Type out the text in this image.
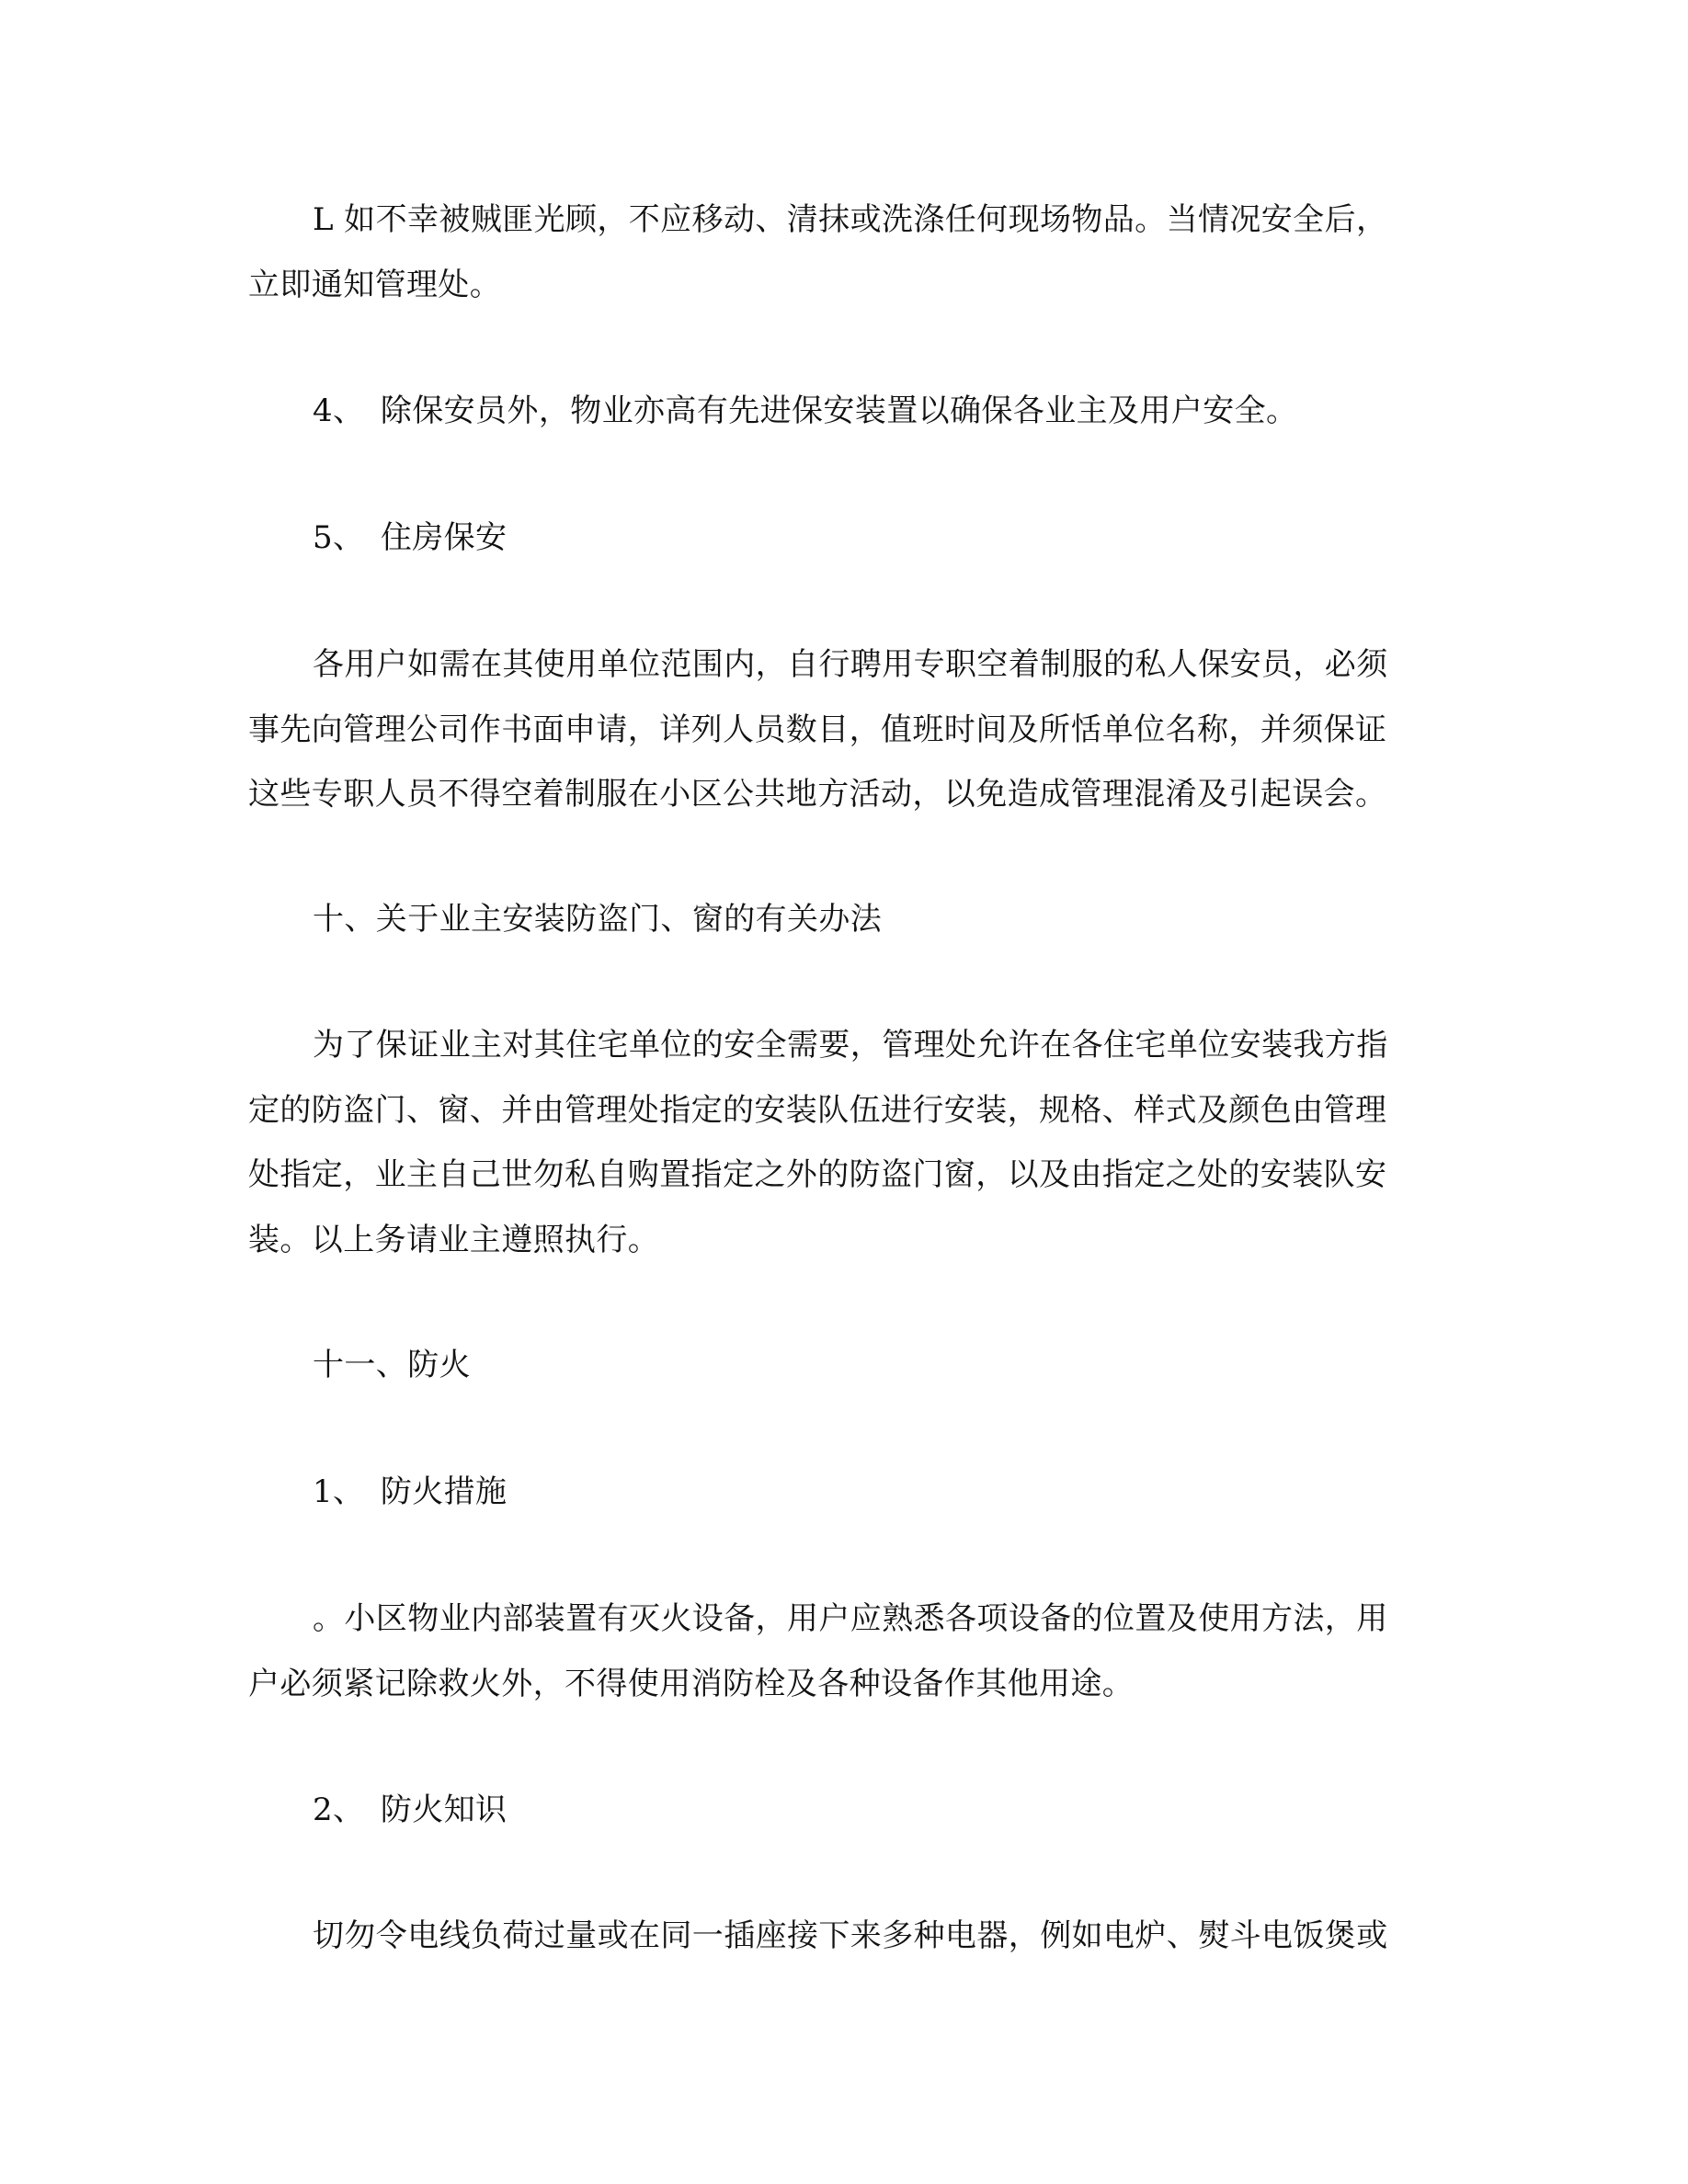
L 如不幸被贼匪光顾，不应移动、清抹或洗涤任何现场物品。当情况安全后，
立即通知管理处。
4、　除保安员外，物业亦高有先进保安装置以确保各业主及用户安全。
5、　住房保安
各用户如需在其使用单位范围内，自行聘用专职空着制服的私人保安员，必须
事先向管理公司作书面申请，详列人员数目，值班时间及所恬单位名称，并须保证
这些专职人员不得空着制服在小区公共地方活动，以免造成管理混淆及引起误会。
十、关于业主安装防盗门、窗的有关办法
为了保证业主对其住宅单位的安全需要，管理处允许在各住宅单位安装我方指
定的防盗门、窗、并由管理处指定的安装队伍进行安装，规格、样式及颜色由管理
处指定，业主自己世勿私自购置指定之外的防盗门窗，以及由指定之处的安装队安
装。以上务请业主遵照执行。
十一、防火
1、　防火措施
。小区物业内部装置有灭火设备，用户应熟悉各项设备的位置及使用方法，用
户必须紧记除救火外，不得使用消防栓及各种设备作其他用途。
2、　防火知识
切勿令电线负荷过量或在同一插座接下来多种电器，例如电炉、熨斗电饭煲或
